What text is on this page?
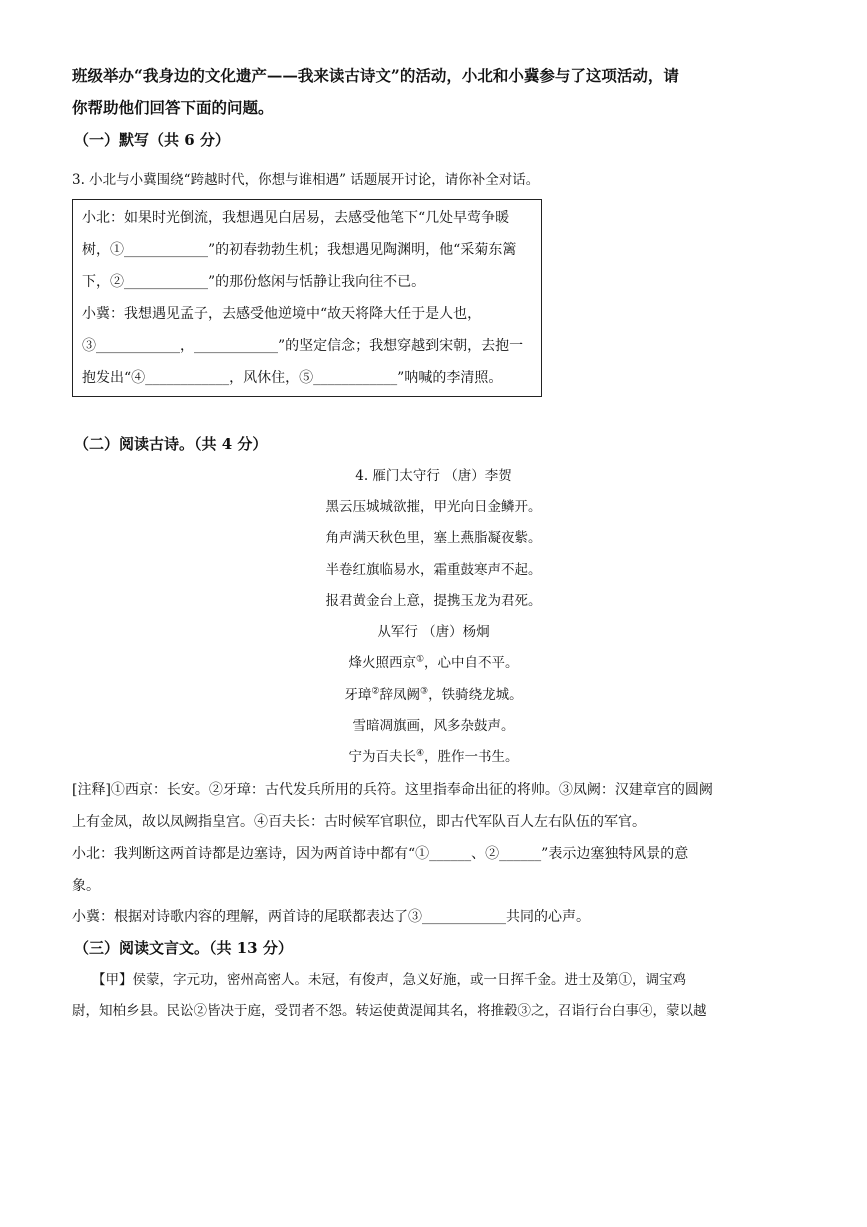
班级举办“我身边的文化遗产——我来读古诗文”的活动，小北和小冀参与了这项活动，请
你帮助他们回答下面的问题。
（一）默写（共 6 分）
3. 小北与小冀围绕“跨越时代，你想与谁相遇” 话题展开讨论，请你补全对话。
小北：如果时光倒流，我想遇见白居易，去感受他笔下“几处早莺争暖
树，①____________”的初春勃勃生机；我想遇见陶渊明，他“采菊东篱
下，②____________”的那份悠闲与恬静让我向往不已。
小冀：我想遇见孟子，去感受他逆境中“故天将降大任于是人也，
③____________，____________”的坚定信念；我想穿越到宋朝，去抱一
抱发出“④____________，风休住，⑤____________”呐喊的李清照。
（二）阅读古诗。（共 4 分）
4. 雁门太守行 （唐）李贺
黑云压城城欲摧，甲光向日金鳞开。
角声满天秋色里，塞上燕脂凝夜紫。
半卷红旗临易水，霜重鼓寒声不起。
报君黄金台上意，提携玉龙为君死。
从军行 （唐）杨炯
烽火照西京①，心中自不平。
牙璋②辞凤阙③，铁骑绕龙城。
雪暗凋旗画，风多杂鼓声。
宁为百夫长④，胜作一书生。
[注释]①西京：长安。②牙璋：古代发兵所用的兵符。这里指奉命出征的将帅。③凤阙：汉建章宫的圆阙
上有金凤，故以凤阙指皇宫。④百夫长：古时候军官职位，即古代军队百人左右队伍的军官。
小北：我判断这两首诗都是边塞诗，因为两首诗中都有“①______、②______”表示边塞独特风景的意
象。
小冀：根据对诗歌内容的理解，两首诗的尾联都表达了③____________共同的心声。
（三）阅读文言文。（共 13 分）
【甲】侯蒙，字元功，密州高密人。未冠，有俊声，急义好施，或一日挥千金。进士及第①，调宝鸡
尉，知柏乡县。民讼②皆决于庭，受罚者不怨。转运使黄湜闻其名，将推毂③之，召诣行台白事④，蒙以越
